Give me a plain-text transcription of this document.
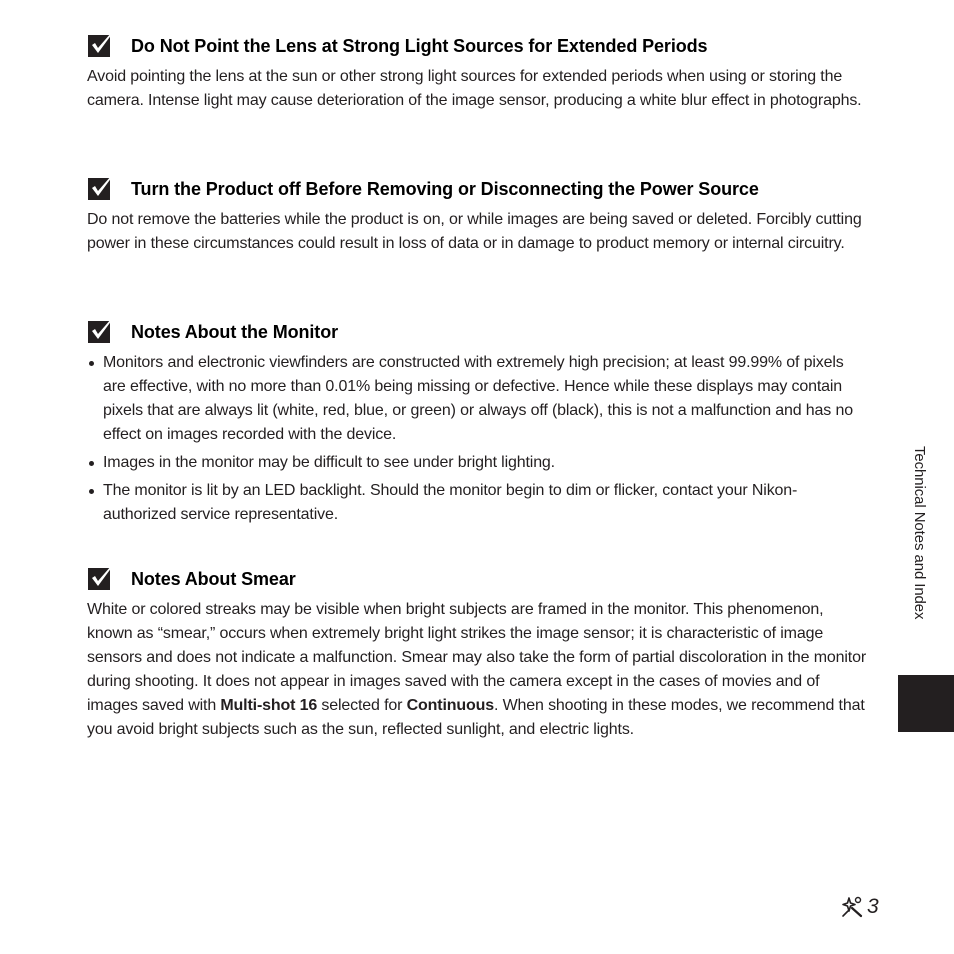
Do Not Point the Lens at Strong Light Sources for Extended Periods

Avoid pointing the lens at the sun or other strong light sources for extended periods when using or storing the camera. Intense light may cause deterioration of the image sensor, producing a white blur effect in photographs.

Turn the Product off Before Removing or Disconnecting the Power Source

Do not remove the batteries while the product is on, or while images are being saved or deleted. Forcibly cutting power in these circumstances could result in loss of data or in damage to product memory or internal circuitry.

Notes About the Monitor
Monitors and electronic viewfinders are constructed with extremely high precision; at least 99.99% of pixels are effective, with no more than 0.01% being missing or defective. Hence while these displays may contain pixels that are always lit (white, red, blue, or green) or always off (black), this is not a malfunction and has no effect on images recorded with the device.
Images in the monitor may be difficult to see under bright lighting.
The monitor is lit by an LED backlight. Should the monitor begin to dim or flicker, contact your Nikon-authorized service representative.
Notes About Smear

White or colored streaks may be visible when bright subjects are framed in the monitor. This phenomenon, known as “smear,” occurs when extremely bright light strikes the image sensor; it is characteristic of image sensors and does not indicate a malfunction. Smear may also take the form of partial discoloration in the monitor during shooting. It does not appear in images saved with the camera except in the cases of movies and of images saved with Multi-shot 16 selected for Continuous. When shooting in these modes, we recommend that you avoid bright subjects such as the sun, reflected sunlight, and electric lights.

Technical Notes and Index
3
